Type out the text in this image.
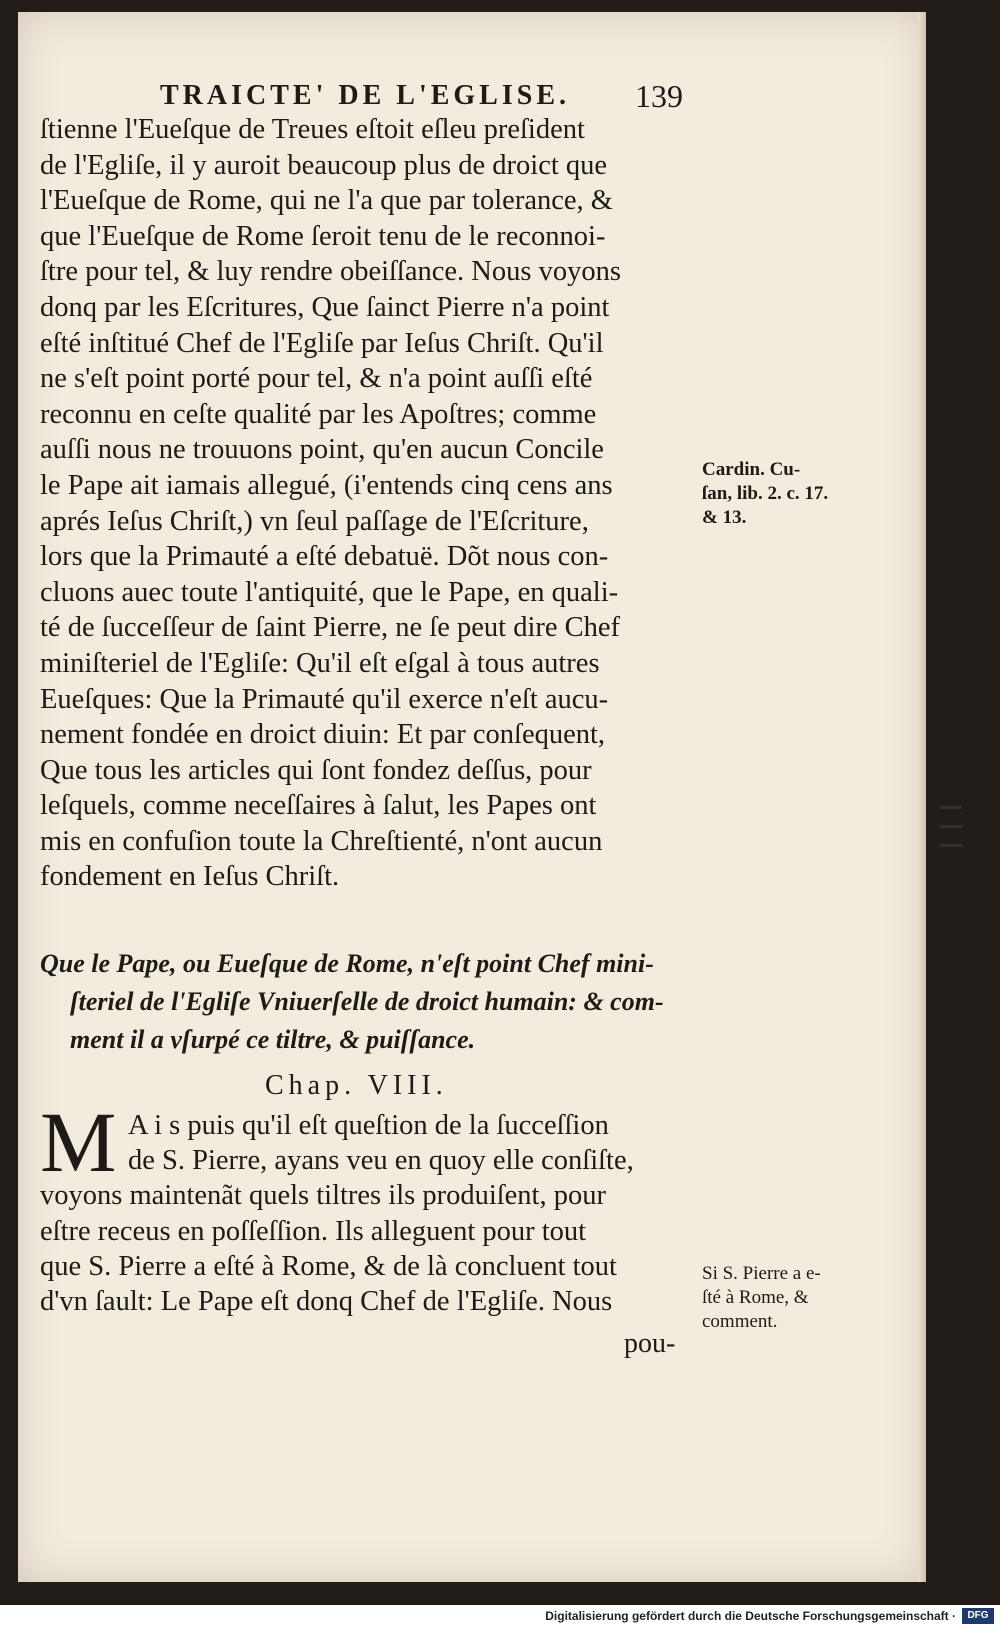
TRAICTE' DE L'EGLISE.	139
ſtienne l'Eueſque de Treues eſtoit eſleu preſident
de l'Egliſe, il y auroit beaucoup plus de droict que
l'Eueſque de Rome, qui ne l'a que par tolerance, &
que l'Eueſque de Rome ſeroit tenu de le reconnoi-
ſtre pour tel, & luy rendre obeiſſance. Nous voyons
donq par les Eſcritures, Que ſainct Pierre n'a point
eſté inſtitué Chef de l'Egliſe par Ieſus Chriſt. Qu'il
ne s'eſt point porté pour tel, & n'a point auſſi eſté
reconnu en ceſte qualité par les Apoſtres; comme
auſſi nous ne trouuons point, qu'en aucun Concile
le Pape ait iamais allegué, (i'entends cinq cens ans
aprés Ieſus Chriſt,) vn ſeul paſſage de l'Eſcriture,
lors que la Primauté a eſté debatuë. Dõt nous con-
cluons auec toute l'antiquité, que le Pape, en quali-
té de ſucceſſeur de ſaint Pierre, ne ſe peut dire Chef
miniſteriel de l'Egliſe: Qu'il eſt eſgal à tous autres
Eueſques: Que la Primauté qu'il exerce n'eſt aucu-
nement fondée en droict diuin: Et par conſequent,
Que tous les articles qui ſont fondez deſſus, pour
leſquels, comme neceſſaires à ſalut, les Papes ont
mis en confuſion toute la Chreſtienté, n'ont aucun
fondement en Ieſus Chriſt.
Cardin. Cu-
ſan, lib. 2. c. 17.
& 13.
Que le Pape, ou Eueſque de Rome, n'eſt point Chef mini-
ſteriel de l'Egliſe Vniuerſelle de droict humain: & com-
ment il a vſurpé ce tiltre, & puiſſance.
Chap. VIII.
M A i s puis qu'il eſt queſtion de la ſucceſſion
de S. Pierre, ayans veu en quoy elle conſiſte,
voyons maintenãt quels tiltres ils produiſent, pour
eſtre receus en poſſeſſion. Ils alleguent pour tout
que S. Pierre a eſté à Rome, & de là concluent tout
d'vn ſault: Le Pape eſt donq Chef de l'Egliſe. Nous
Si S. Pierre a e-
ſté à Rome, &
comment.
pou-
Digitalisierung gefördert durch die Deutsche Forschungsgemeinschaft ·	DFG
